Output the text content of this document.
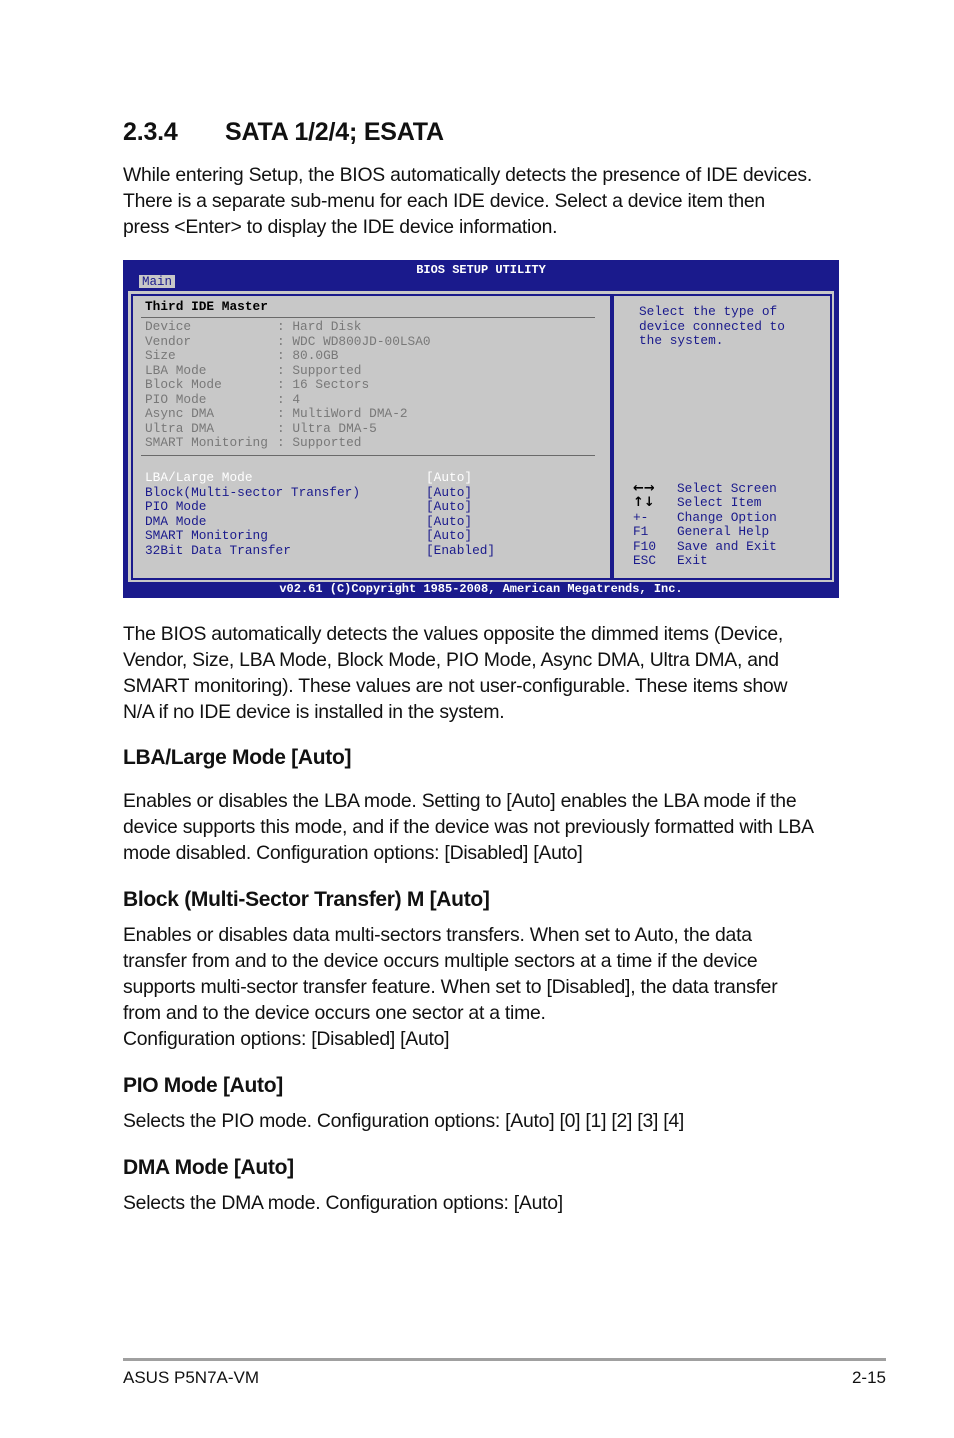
2.3.4 SATA 1/2/4; ESATA

While entering Setup, the BIOS automatically detects the presence of IDE devices.
There is a separate sub-menu for each IDE device. Select a device item then
press <Enter> to display the IDE device information.

BIOS SETUP UTILITY
Main
Third IDE Master
Device	: Hard Disk
Vendor	: WDC WD800JD-00LSA0
Size	: 80.0GB
LBA Mode	: Supported
Block Mode	: 16 Sectors
PIO Mode	: 4
Async DMA	: MultiWord DMA-2
Ultra DMA	: Ultra DMA-5
SMART Monitoring : Supported
LBA/Large Mode	[Auto]
Block(Multi-sector Transfer)	[Auto]
PIO Mode	[Auto]
DMA Mode	[Auto]
SMART Monitoring	[Auto]
32Bit Data Transfer	[Enabled]
Select the type of
device connected to
the system.
←→ Select Screen
↑↓ Select Item
+- Change Option
F1 General Help
F10 Save and Exit
ESC Exit
v02.61 (C)Copyright 1985-2008, American Megatrends, Inc.

The BIOS automatically detects the values opposite the dimmed items (Device,
Vendor, Size, LBA Mode, Block Mode, PIO Mode, Async DMA, Ultra DMA, and
SMART monitoring). These values are not user-configurable. These items show
N/A if no IDE device is installed in the system.

LBA/Large Mode [Auto]

Enables or disables the LBA mode. Setting to [Auto] enables the LBA mode if the
device supports this mode, and if the device was not previously formatted with LBA
mode disabled. Configuration options: [Disabled] [Auto]

Block (Multi-Sector Transfer) M [Auto]

Enables or disables data multi-sectors transfers. When set to Auto, the data
transfer from and to the device occurs multiple sectors at a time if the device
supports multi-sector transfer feature. When set to [Disabled], the data transfer
from and to the device occurs one sector at a time.
Configuration options: [Disabled] [Auto]

PIO Mode [Auto]

Selects the PIO mode. Configuration options: [Auto] [0] [1] [2] [3] [4]

DMA Mode [Auto]

Selects the DMA mode. Configuration options: [Auto]

ASUS P5N7A-VM	2-15
